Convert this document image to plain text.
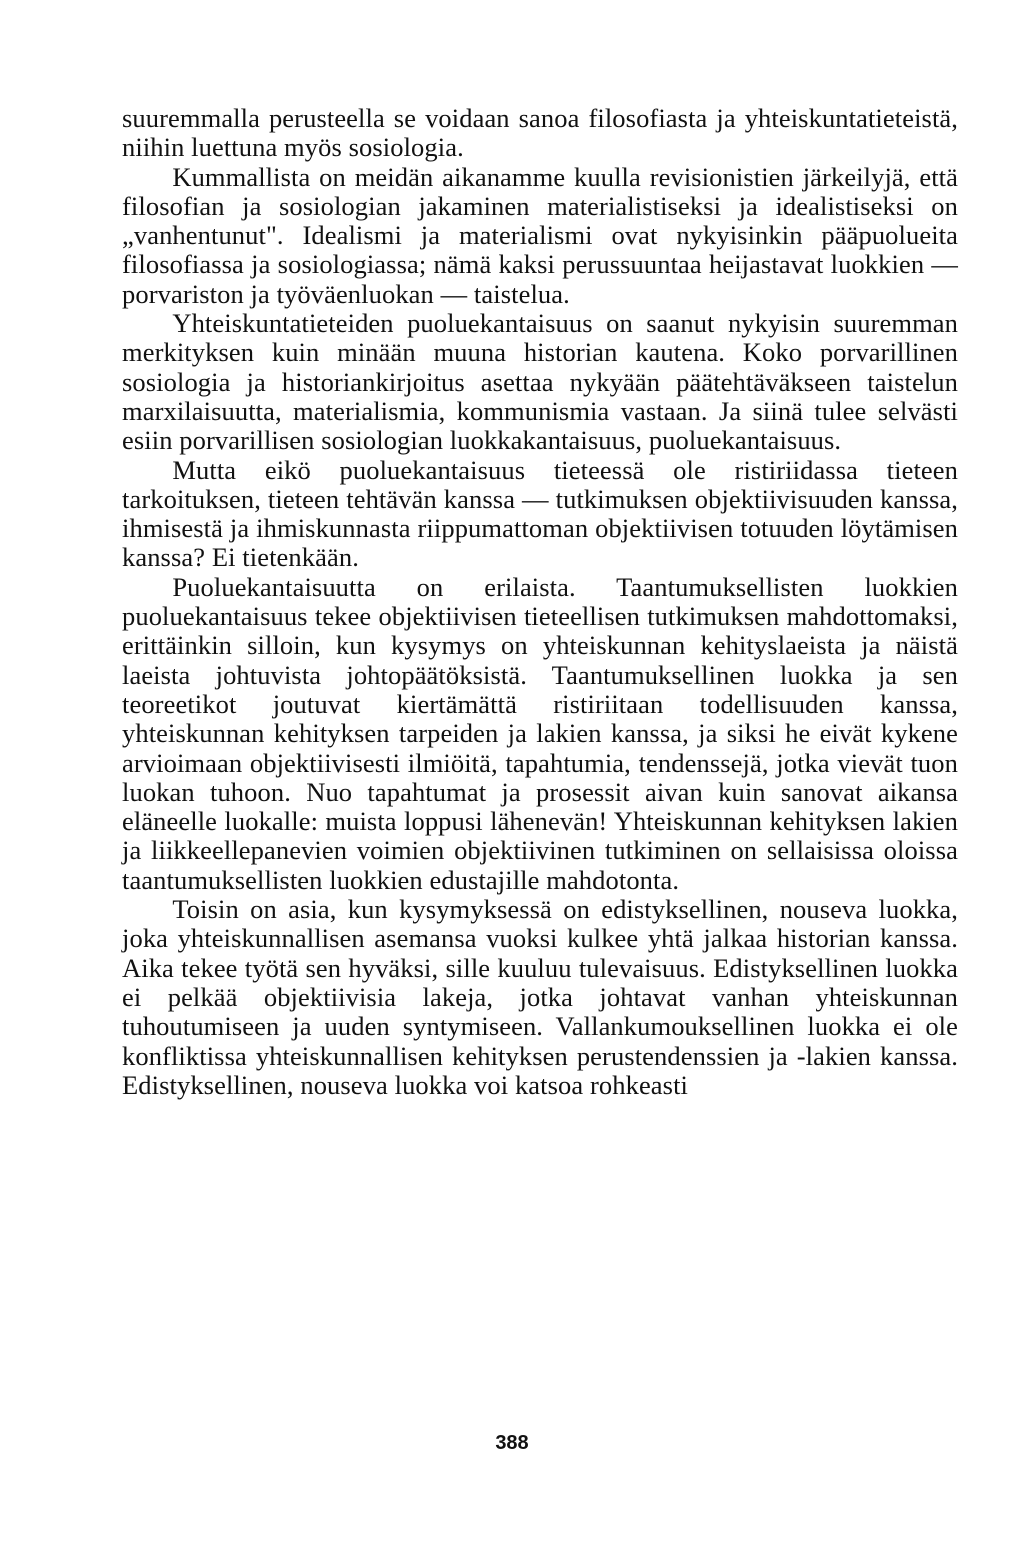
suuremmalla perusteella se voidaan sanoa filosofiasta ja yhteiskuntatieteistä, niihin luettuna myös sosiologia.

Kummallista on meidän aikanamme kuulla revisionistien järkeilyjä, että filosofian ja sosiologian jakaminen materialistiseksi ja idealistiseksi on „vanhentunut". Idealismi ja materialismi ovat nykyisinkin pääpuolueita filosofiassa ja sosiologiassa; nämä kaksi perussuuntaa heijastavat luokkien — porvariston ja työväenluokan — taistelua.

Yhteiskuntatieteiden puoluekantaisuus on saanut nykyisin suuremman merkityksen kuin minään muuna historian kautena. Koko porvarillinen sosiologia ja historiankirjoitus asettaa nykyään päätehtäväkseen taistelun marxilaisuutta, materialismia, kommunismia vastaan. Ja siinä tulee selvästi esiin porvarillisen sosiologian luokkakantaisuus, puoluekantaisuus.

Mutta eikö puoluekantaisuus tieteessä ole ristiriidassa tieteen tarkoituksen, tieteen tehtävän kanssa — tutkimuksen objektiivisuuden kanssa, ihmisestä ja ihmiskunnasta riippumattoman objektiivisen totuuden löytämisen kanssa? Ei tietenkään.

Puoluekantaisuutta on erilaista. Taantumuksellisten luokkien puoluekantaisuus tekee objektiivisen tieteellisen tutkimuksen mahdottomaksi, erittäinkin silloin, kun kysymys on yhteiskunnan kehityslaeista ja näistä laeista johtuvista johtopäätöksistä. Taantumuksellinen luokka ja sen teoreetikot joutuvat kiertämättä ristiriitaan todellisuuden kanssa, yhteiskunnan kehityksen tarpeiden ja lakien kanssa, ja siksi he eivät kykene arvioimaan objektiivisesti ilmiöitä, tapahtumia, tendenssejä, jotka vievät tuon luokan tuhoon. Nuo tapahtumat ja prosessit aivan kuin sanovat aikansa eläneelle luokalle: muista loppusi lähenevän! Yhteiskunnan kehityksen lakien ja liikkeellepanevien voimien objektiivinen tutkiminen on sellaisissa oloissa taantumuksellisten luokkien edustajille mahdotonta.

Toisin on asia, kun kysymyksessä on edistyksellinen, nouseva luokka, joka yhteiskunnallisen asemansa vuoksi kulkee yhtä jalkaa historian kanssa. Aika tekee työtä sen hyväksi, sille kuuluu tulevaisuus. Edistyksellinen luokka ei pelkää objektiivisia lakeja, jotka johtavat vanhan yhteiskunnan tuhoutumiseen ja uuden syntymiseen. Vallankumouksellinen luokka ei ole konfliktissa yhteiskunnallisen kehityksen perustendenssien ja -lakien kanssa. Edistyksellinen, nouseva luokka voi katsoa rohkeasti

388
